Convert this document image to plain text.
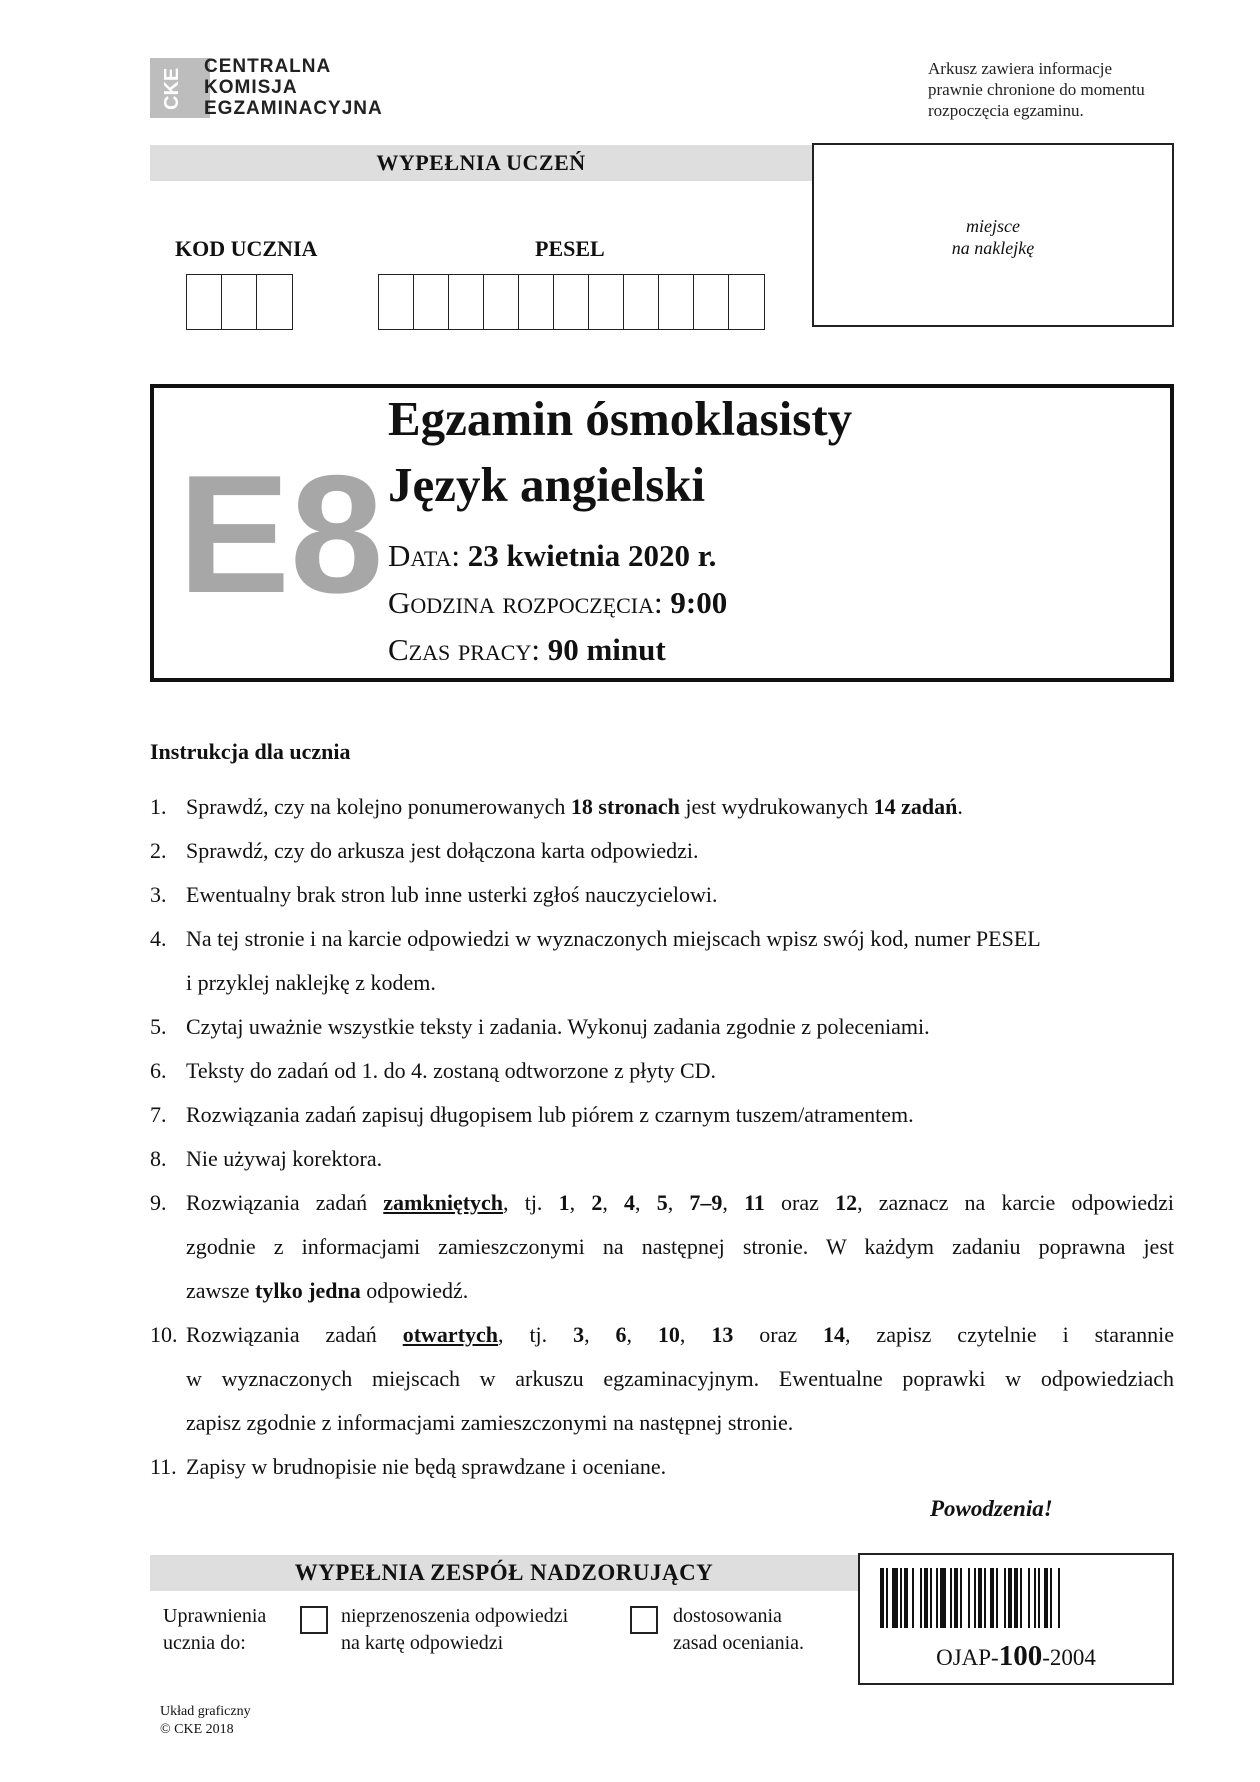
CKE
CENTRALNA
KOMISJA
EGZAMINACYJNA
Arkusz zawiera informacje
prawnie chronione do momentu
rozpoczęcia egzaminu.
WYPEŁNIA UCZEŃ
miejsce
na naklejkę
KOD UCZNIA	PESEL
E8
Egzamin ósmoklasisty
Język angielski
Data: 23 kwietnia 2020 r.
Godzina rozpoczęcia: 9:00
Czas pracy: 90 minut
Instrukcja dla ucznia
1. Sprawdź, czy na kolejno ponumerowanych 18 stronach jest wydrukowanych 14 zadań.
2. Sprawdź, czy do arkusza jest dołączona karta odpowiedzi.
3. Ewentualny brak stron lub inne usterki zgłoś nauczycielowi.
4. Na tej stronie i na karcie odpowiedzi w wyznaczonych miejscach wpisz swój kod, numer PESEL
i przyklej naklejkę z kodem.
5. Czytaj uważnie wszystkie teksty i zadania. Wykonuj zadania zgodnie z poleceniami.
6. Teksty do zadań od 1. do 4. zostaną odtworzone z płyty CD.
7. Rozwiązania zadań zapisuj długopisem lub piórem z czarnym tuszem/atramentem.
8. Nie używaj korektora.
9. Rozwiązania zadań zamkniętych, tj. 1, 2, 4, 5, 7–9, 11 oraz 12, zaznacz na karcie odpowiedzi
zgodnie z informacjami zamieszczonymi na następnej stronie. W każdym zadaniu poprawna jest
zawsze tylko jedna odpowiedź.
10. Rozwiązania zadań otwartych, tj. 3, 6, 10, 13 oraz 14, zapisz czytelnie i starannie
w wyznaczonych miejscach w arkuszu egzaminacyjnym. Ewentualne poprawki w odpowiedziach
zapisz zgodnie z informacjami zamieszczonymi na następnej stronie.
11. Zapisy w brudnopisie nie będą sprawdzane i oceniane.
Powodzenia!
WYPEŁNIA ZESPÓŁ NADZORUJĄCY
Uprawnienia
ucznia do:
nieprzenoszenia odpowiedzi
na kartę odpowiedzi
dostosowania
zasad oceniania.
OJAP-100-2004
Układ graficzny
© CKE 2018
